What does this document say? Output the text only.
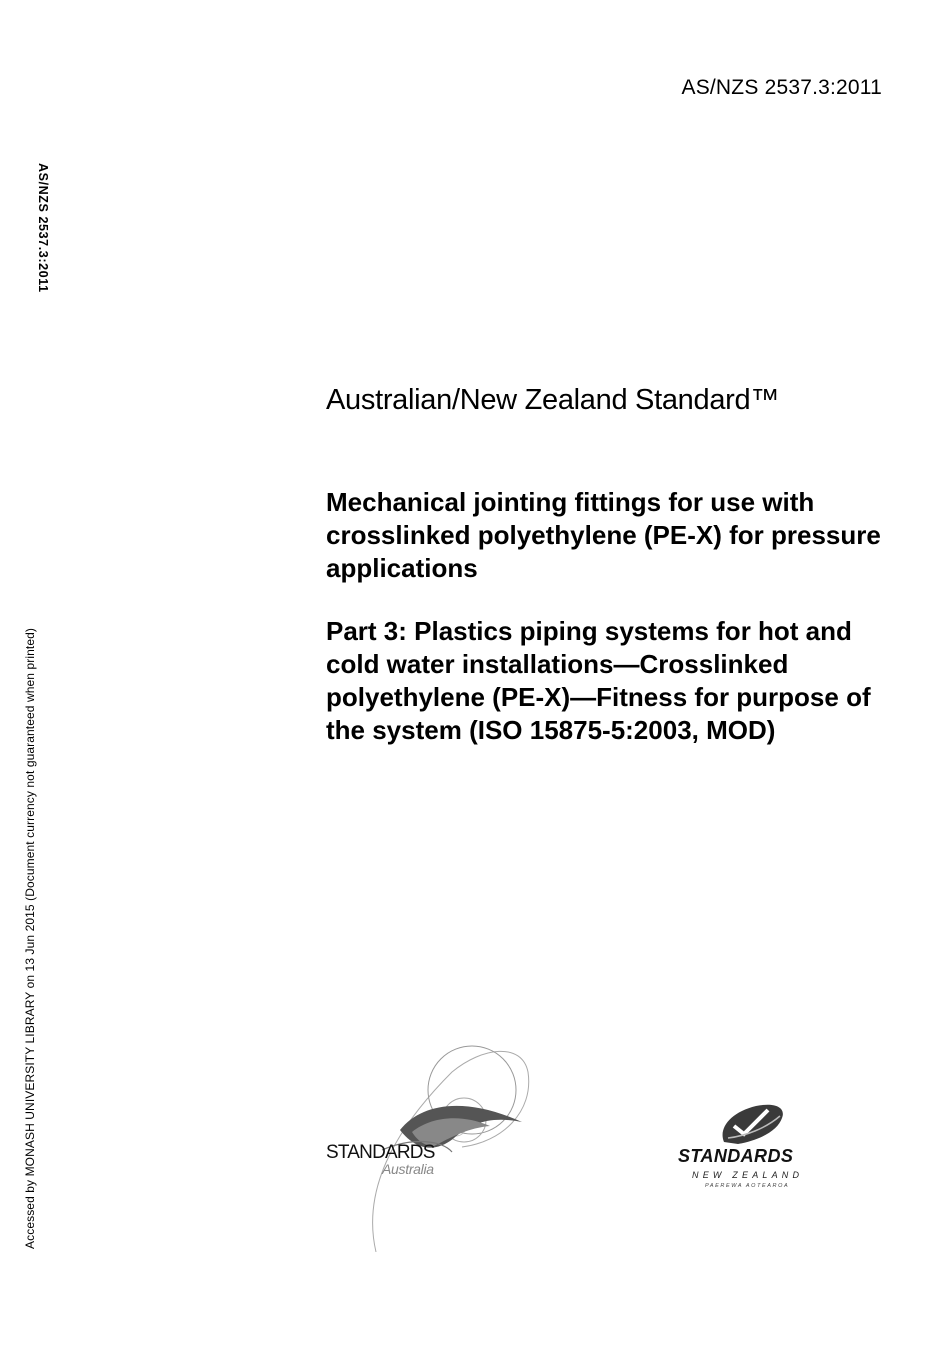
AS/NZS 2537.3:2011
AS/NZS 2537.3:2011
Accessed by MONASH UNIVERSITY LIBRARY on 13 Jun 2015 (Document currency not guaranteed when printed)
Australian/New Zealand Standard™
Mechanical jointing fittings for use with crosslinked polyethylene (PE-X) for pressure applications
Part 3: Plastics piping systems for hot and cold water installations—Crosslinked polyethylene (PE-X)—Fitness for purpose of the system (ISO 15875-5:2003, MOD)
STANDARDS
Australia
STANDARDS
NEW ZEALAND
PAEREWA AOTEAROA
